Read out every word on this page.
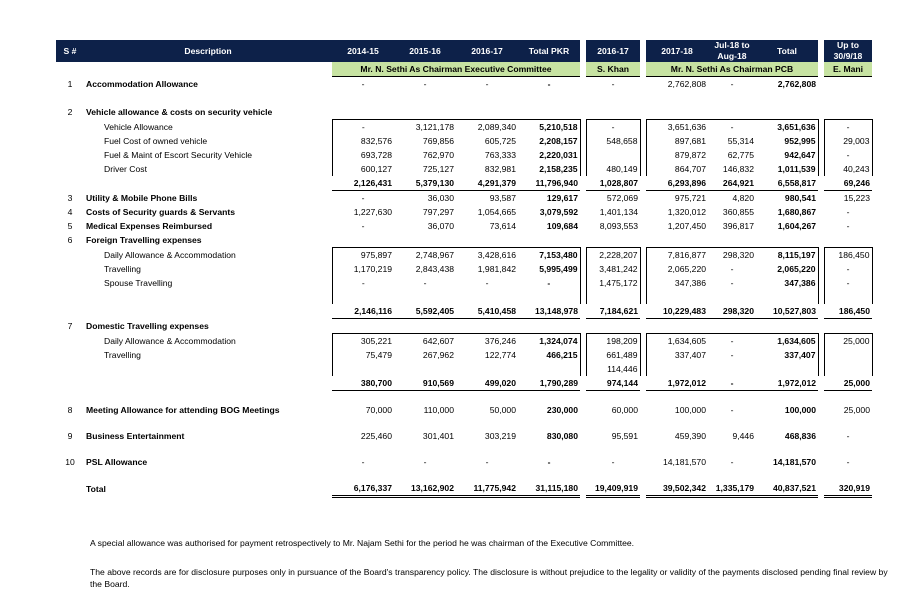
S #	Description	2014-15	2015-16	2016-17	Total PKR		2016-17		2017-18	Jul-18 to Aug-18	Total		Up to 30/9/18
		Mr. N. Sethi As Chairman Executive Committee					S. Khan		Mr. N. Sethi As Chairman PCB				E. Mani
1	Accommodation Allowance	-	-	-	-		-		2,762,808	-	2,762,808		

2	Vehicle allowance & costs on security vehicle												
	Vehicle Allowance	-	3,121,178	2,089,340	5,210,518		-		3,651,636	-	3,651,636		-
	Fuel Cost of owned vehicle	832,576	769,856	605,725	2,208,157		548,658		897,681	55,314	952,995		29,003
	Fuel & Maint of Escort Security Vehicle	693,728	762,970	763,333	2,220,031				879,872	62,775	942,647		-
	Driver Cost	600,127	725,127	832,981	2,158,235		480,149		864,707	146,832	1,011,539		40,243
		2,126,431	5,379,130	4,291,379	11,796,940		1,028,807		6,293,896	264,921	6,558,817		69,246
3	Utility & Mobile Phone Bills	-	36,030	93,587	129,617		572,069		975,721	4,820	980,541		15,223
4	Costs of Security guards & Servants	1,227,630	797,297	1,054,665	3,079,592		1,401,134		1,320,012	360,855	1,680,867		-
5	Medical Expenses Reimbursed	-	36,070	73,614	109,684		8,093,553		1,207,450	396,817	1,604,267		-
6	Foreign Travelling expenses												
	Daily Allowance & Accommodation	975,897	2,748,967	3,428,616	7,153,480		2,228,207		7,816,877	298,320	8,115,197		186,450
	Travelling	1,170,219	2,843,438	1,981,842	5,995,499		3,481,242		2,065,220	-	2,065,220		-
	Spouse Travelling	-	-	-	-		1,475,172		347,386	-	347,386		-

		2,146,116	5,592,405	5,410,458	13,148,978		7,184,621		10,229,483	298,320	10,527,803		186,450
7	Domestic Travelling expenses												
	Daily Allowance & Accommodation	305,221	642,607	376,246	1,324,074		198,209		1,634,605	-	1,634,605		25,000
	Travelling	75,479	267,962	122,774	466,215		661,489		337,407	-	337,407		
							114,446						
		380,700	910,569	499,020	1,790,289		974,144		1,972,012	-	1,972,012		25,000

8	Meeting Allowance for attending BOG Meetings	70,000	110,000	50,000	230,000		60,000		100,000	-	100,000		25,000

9	Business Entertainment	225,460	301,401	303,219	830,080		95,591		459,390	9,446	468,836		-

10	PSL Allowance	-	-	-	-		-		14,181,570	-	14,181,570		-

	Total	6,176,337	13,162,902	11,775,942	31,115,180		19,409,919		39,502,342	1,335,179	40,837,521		320,919
A special allowance was authorised for payment retrospectively to Mr. Najam Sethi for the period he was chairman of the Executive Committee.
The above records are for disclosure purposes only in pursuance of the Board's transparency policy. The disclosure is without prejudice to the legality or validity of the payments disclosed pending final review by the Board.
